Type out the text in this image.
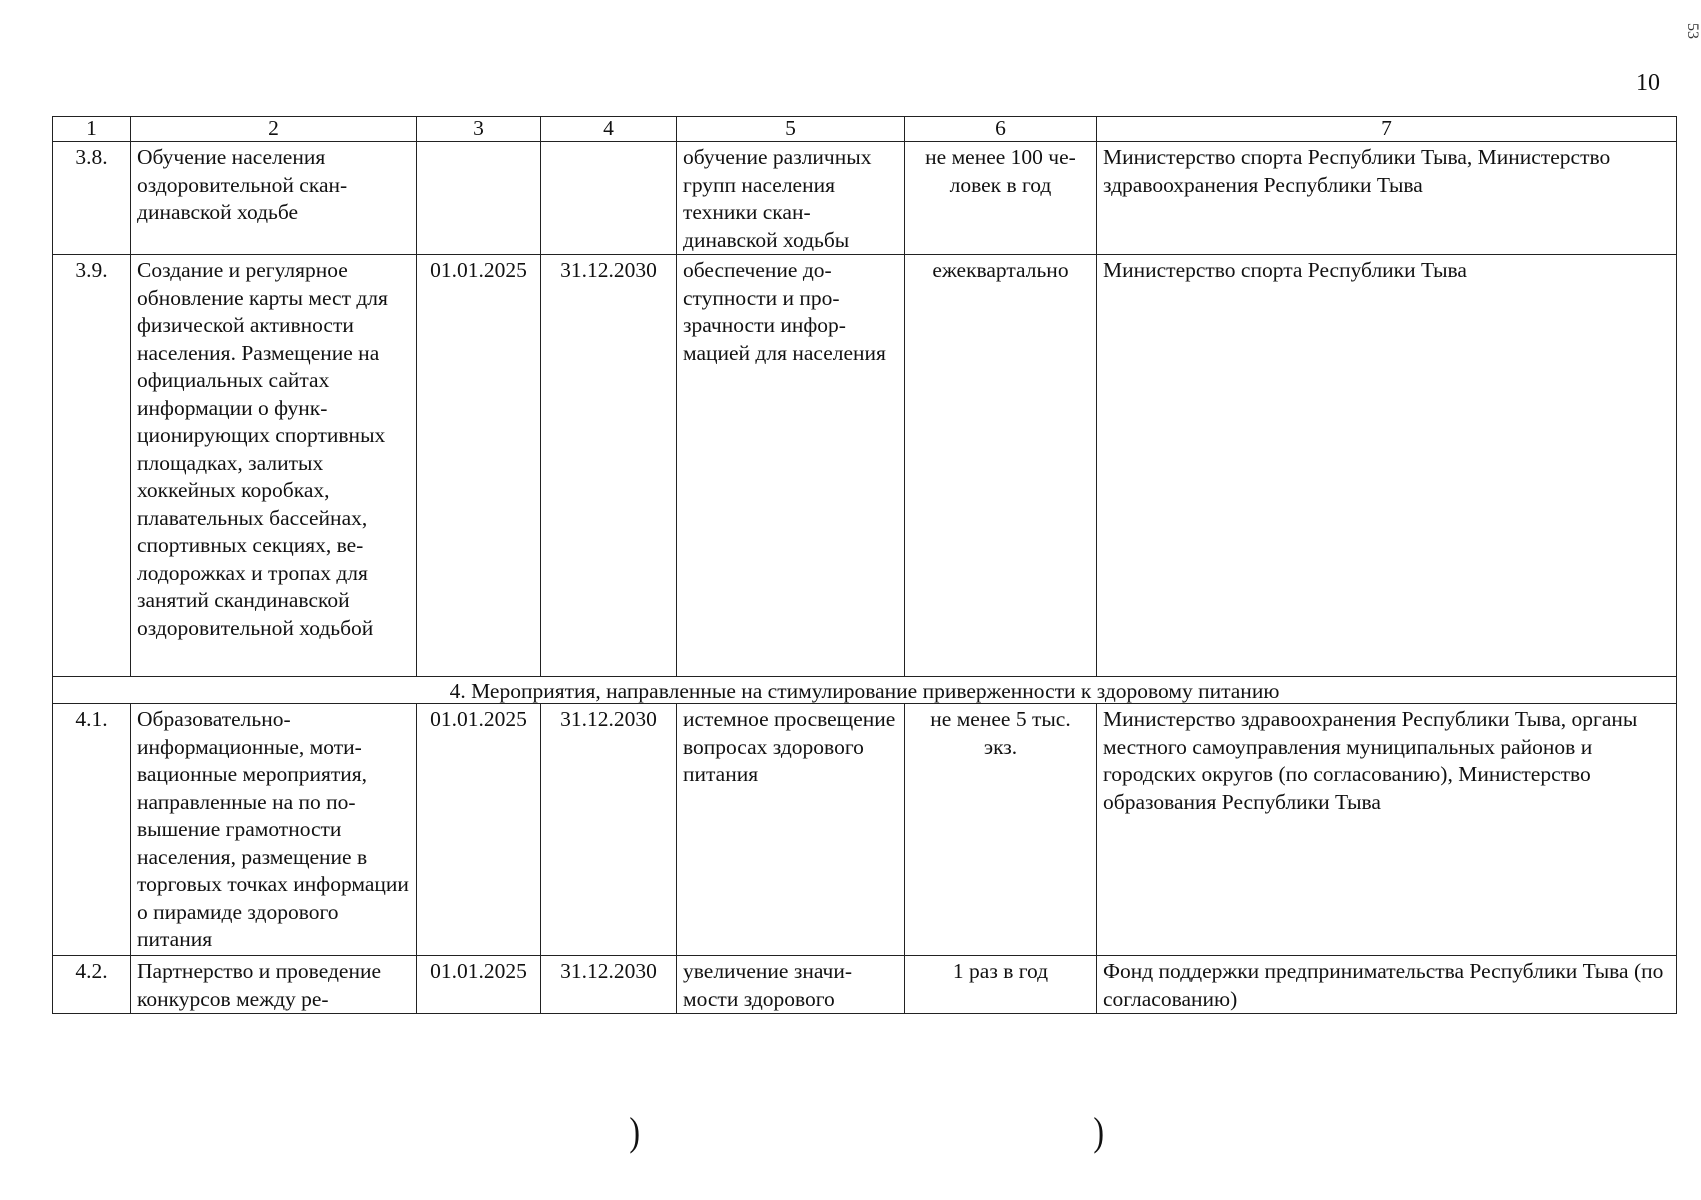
53
10
1	2	3	4	5	6	7
3.8.	Обучение населения оздоровительной скандинавской ходьбе			обучение различных групп населения техники скандинавской ходьбы	не менее 100 человек в год	Министерство спорта Республики Тыва, Министерство здравоохранения Республики Тыва
3.9.	Создание и регулярное обновление карты мест для физической активности населения. Размещение на официальных сайтах информации о функционирующих спортивных площадках, залитых хоккейных коробках, плавательных бассейнах, спортивных секциях, велодорожках и тропах для занятий скандинавской оздоровительной ходьбой	01.01.2025	31.12.2030	обеспечение доступности и прозрачности информацией для населения	ежеквартально	Министерство спорта Республики Тыва
4. Мероприятия, направленные на стимулирование приверженности к здоровому питанию						
4.1.	Образовательно-информационные, мотивационные мероприятия, направленные на по повышение грамотности населения, размещение в торговых точках информации о пирамиде здорового питания	01.01.2025	31.12.2030	истемное просвещение вопросах здорового питания	не менее 5 тыс. экз.	Министерство здравоохранения Республики Тыва, органы местного самоуправления муниципальных районов и городских округов (по согласованию), Министерство образования Республики Тыва
4.2.	Партнерство и проведение конкурсов между ре-	01.01.2025	31.12.2030	увеличение значимости здорового	1 раз в год	Фонд поддержки предпринимательства Республики Тыва (по согласованию)
)	)
